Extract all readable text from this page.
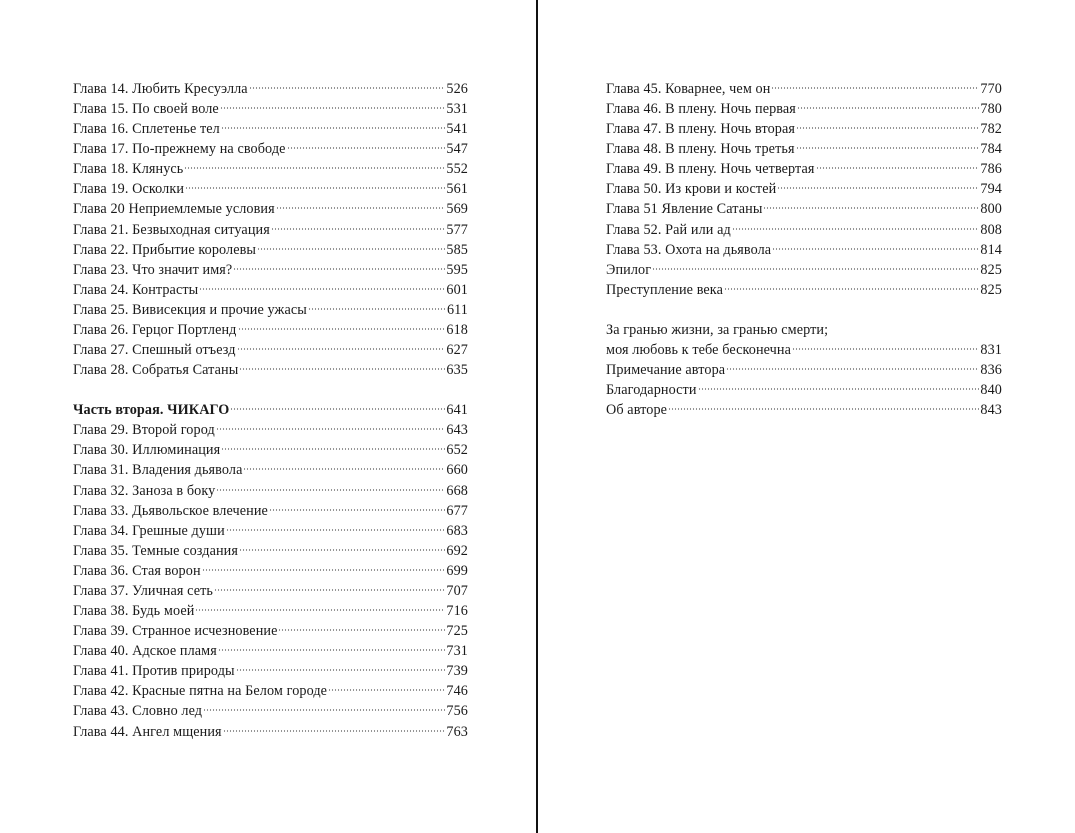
Глава 14. Любить Кресуэлла	526
Глава 15. По своей воле	531
Глава 16. Сплетенье тел	541
Глава 17. По-прежнему на свободе	547
Глава 18. Клянусь	552
Глава 19. Осколки	561
Глава 20 Неприемлемые условия	569
Глава 21. Безвыходная ситуация	577
Глава 22. Прибытие королевы	585
Глава 23. Что значит имя?	595
Глава 24. Контрасты	601
Глава 25. Вивисекция и прочие ужасы	611
Глава 26. Герцог Портленд	618
Глава 27. Спешный отъезд	627
Глава 28. Собратья Сатаны	635
Часть вторая. ЧИКАГО	641
Глава 29. Второй город	643
Глава 30. Иллюминация	652
Глава 31. Владения дьявола	660
Глава 32. Заноза в боку	668
Глава 33. Дьявольское влечение	677
Глава 34. Грешные души	683
Глава 35. Темные создания	692
Глава 36. Стая ворон	699
Глава 37. Уличная сеть	707
Глава 38. Будь моей	716
Глава 39. Странное исчезновение	725
Глава 40. Адское пламя	731
Глава 41. Против природы	739
Глава 42. Красные пятна на Белом городе	746
Глава 43. Словно лед	756
Глава 44. Ангел мщения	763
Глава 45. Коварнее, чем он	770
Глава 46. В плену. Ночь первая	780
Глава 47. В плену. Ночь вторая	782
Глава 48. В плену. Ночь третья	784
Глава 49. В плену. Ночь четвертая	786
Глава 50. Из крови и костей	794
Глава 51 Явление Сатаны	800
Глава 52. Рай или ад	808
Глава 53. Охота на дьявола	814
Эпилог	825
Преступление века	825
За гранью жизни, за гранью смерти;
моя любовь к тебе бесконечна	831
Примечание автора	836
Благодарности	840
Об авторе	843
